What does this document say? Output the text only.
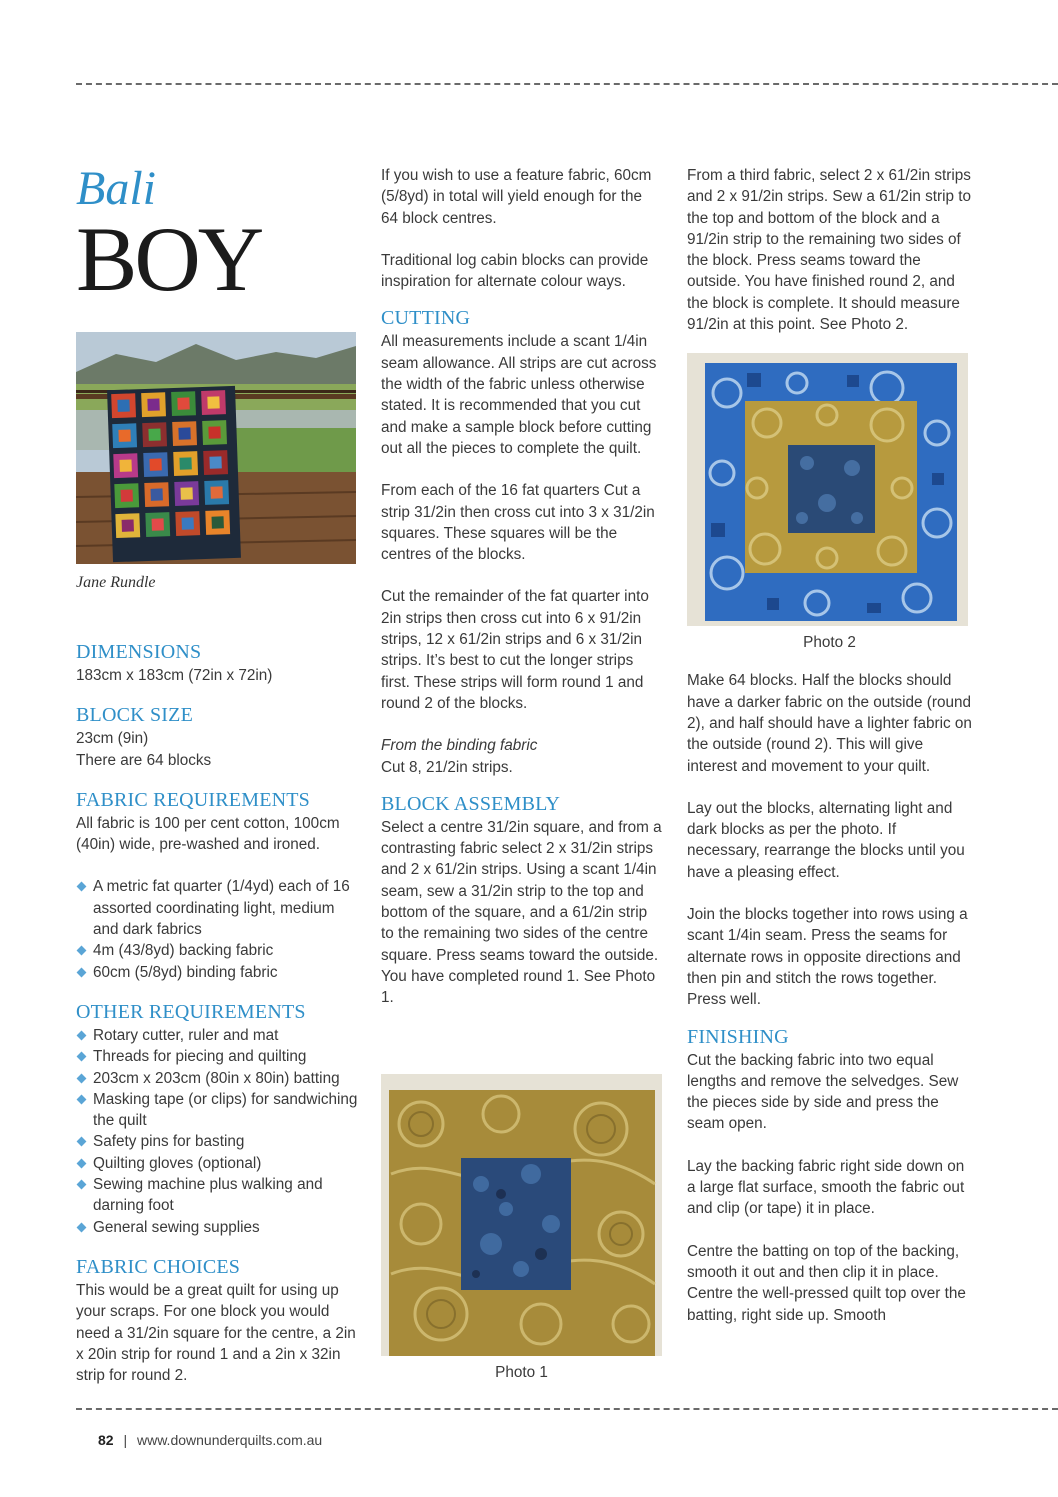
Bali
BOY
Jane Rundle
DIMENSIONS

183cm x 183cm (72in x 72in)

BLOCK SIZE

23cm (9in)

There are 64 blocks

FABRIC REQUIREMENTS

All fabric is 100 per cent cotton, 100cm (40in) wide, pre-washed and ironed.

A metric fat quarter (1/4yd) each of 16 assorted coordinating light, medium and dark fabrics
4m (43/8yd) backing fabric
60cm (5/8yd) binding fabric
OTHER REQUIREMENTS
Rotary cutter, ruler and mat
Threads for piecing and quilting
203cm x 203cm (80in x 80in) batting
Masking tape (or clips) for sandwiching the quilt
Safety pins for basting
Quilting gloves (optional)
Sewing machine plus walking and darning foot
General sewing supplies
FABRIC CHOICES

This would be a great quilt for using up your scraps. For one block you would need a 31/2in square for the centre, a 2in x 20in strip for round 1 and a 2in x 32in strip for round 2.

If you wish to use a feature fabric, 60cm (5/8yd) in total will yield enough for the 64 block centres.

Traditional log cabin blocks can provide inspiration for alternate colour ways.

CUTTING

All measurements include a scant 1/4in seam allowance. All strips are cut across the width of the fabric unless otherwise stated. It is recommended that you cut and make a sample block before cutting out all the pieces to complete the quilt.

From each of the 16 fat quarters Cut a strip 31/2in then cross cut into 3 x 31/2in squares. These squares will be the centres of the blocks.

Cut the remainder of the fat quarter into 2in strips then cross cut into 6 x 91/2in strips, 12 x 61/2in strips and 6 x 31/2in strips. It’s best to cut the longer strips first. These strips will form round 1 and round 2 of the blocks.

From the binding fabric

Cut 8, 21/2in strips.

BLOCK ASSEMBLY

Select a centre 31/2in square, and from a contrasting fabric select 2 x 31/2in strips and 2 x 61/2in strips. Using a scant 1/4in seam, sew a 31/2in strip to the top and bottom of the square, and a 61/2in strip to the remaining two sides of the centre square. Press seams toward the outside. You have completed round 1. See Photo 1.

Photo 1

From a third fabric, select 2 x 61/2in strips and 2 x 91/2in strips. Sew a 61/2in strip to the top and bottom of the block and a 91/2in strip to the remaining two sides of the block. Press seams toward the outside. You have finished round 2, and the block is complete. It should measure 91/2in at this point. See Photo 2.

Photo 2

Make 64 blocks. Half the blocks should have a darker fabric on the outside (round 2), and half should have a lighter fabric on the outside (round 2). This will give interest and movement to your quilt.

Lay out the blocks, alternating light and dark blocks as per the photo. If necessary, rearrange the blocks until you have a pleasing effect.

Join the blocks together into rows using a scant 1/4in seam. Press the seams for alternate rows in opposite directions and then pin and stitch the rows together. Press well.

FINISHING

Cut the backing fabric into two equal lengths and remove the selvedges. Sew the pieces side by side and press the seam open.

Lay the backing fabric right side down on a large flat surface, smooth the fabric out and clip (or tape) it in place.

Centre the batting on top of the backing, smooth it out and then clip it in place. Centre the well-pressed quilt top over the batting, right side up. Smooth

82 | www.downunderquilts.com.au
